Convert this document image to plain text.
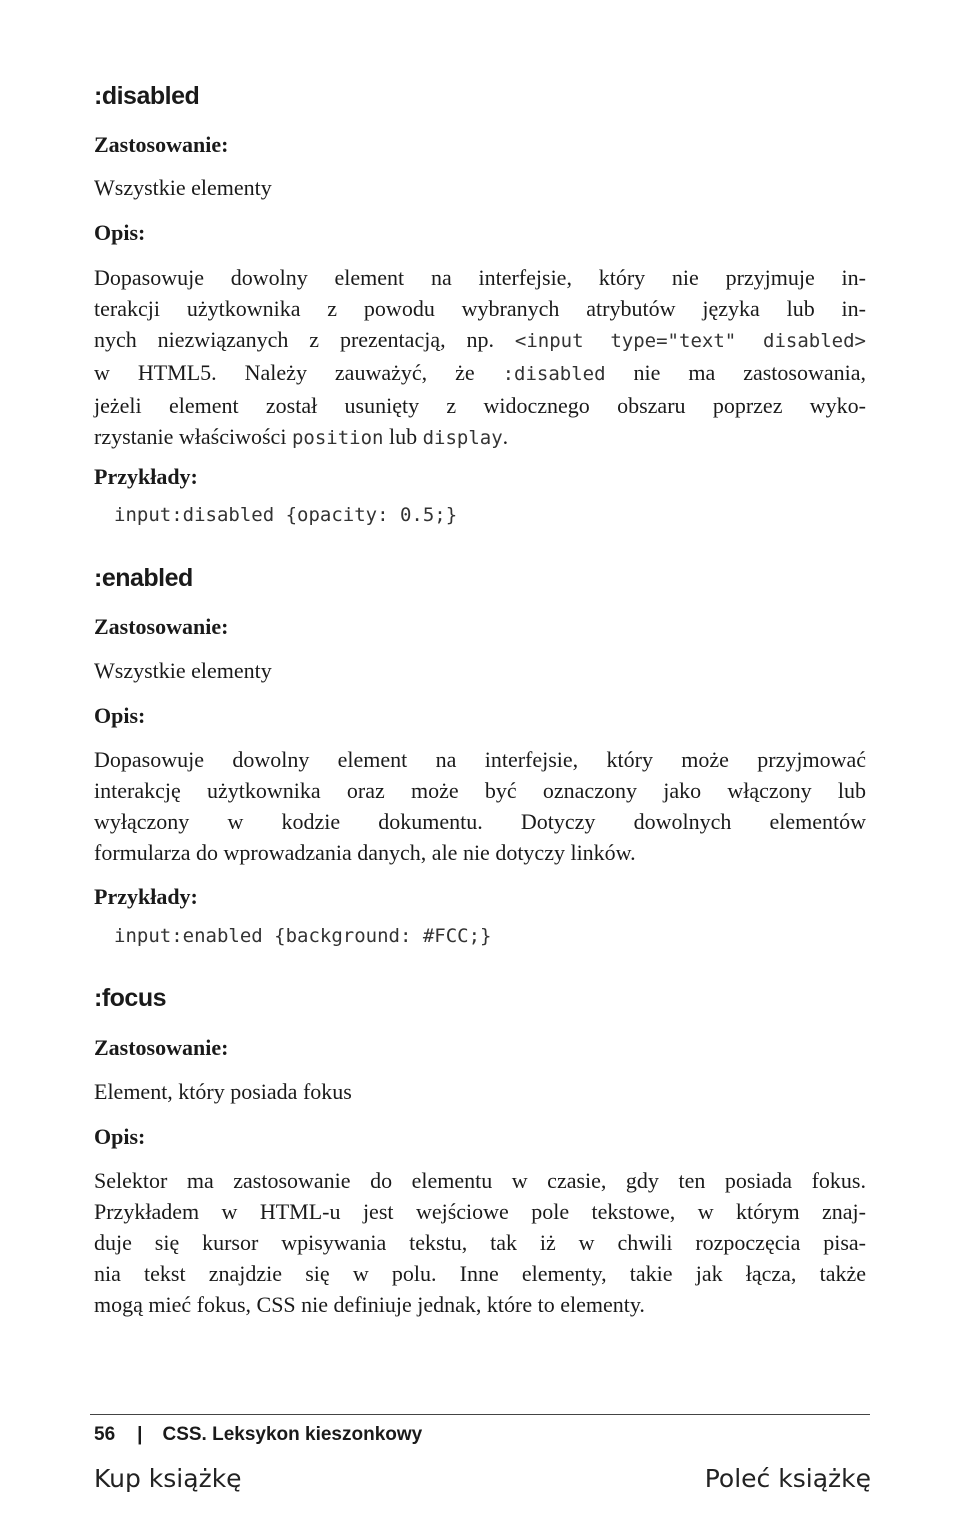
:disabled

Zastosowanie:

Wszystkie elementy

Opis:

Dopasowuje dowolny element na interfejsie, który nie przyjmuje in-
terakcji użytkownika z powodu wybranych atrybutów języka lub in-
nych niezwiązanych z prezentacją, np. <input type="text" disabled>
w HTML5. Należy zauważyć, że :disabled nie ma zastosowania,
jeżeli element został usunięty z widocznego obszaru poprzez wyko-
rzystanie właściwości position lub display.

Przykłady:

input:disabled {opacity: 0.5;}
:enabled

Zastosowanie:

Wszystkie elementy

Opis:

Dopasowuje dowolny element na interfejsie, który może przyjmować
interakcję użytkownika oraz może być oznaczony jako włączony lub
wyłączony w kodzie dokumentu. Dotyczy dowolnych elementów
formularza do wprowadzania danych, ale nie dotyczy linków.

Przykłady:

input:enabled {background: #FCC;}
:focus

Zastosowanie:

Element, który posiada fokus

Opis:

Selektor ma zastosowanie do elementu w czasie, gdy ten posiada fokus.
Przykładem w HTML-u jest wejściowe pole tekstowe, w którym znaj-
duje się kursor wpisywania tekstu, tak iż w chwili rozpoczęcia pisa-
nia tekst znajdzie się w polu. Inne elementy, takie jak łącza, także
mogą mieć fokus, CSS nie definiuje jednak, które to elementy.
56 | CSS. Leksykon kieszonkowy
Kup książkę	Poleć książkę
